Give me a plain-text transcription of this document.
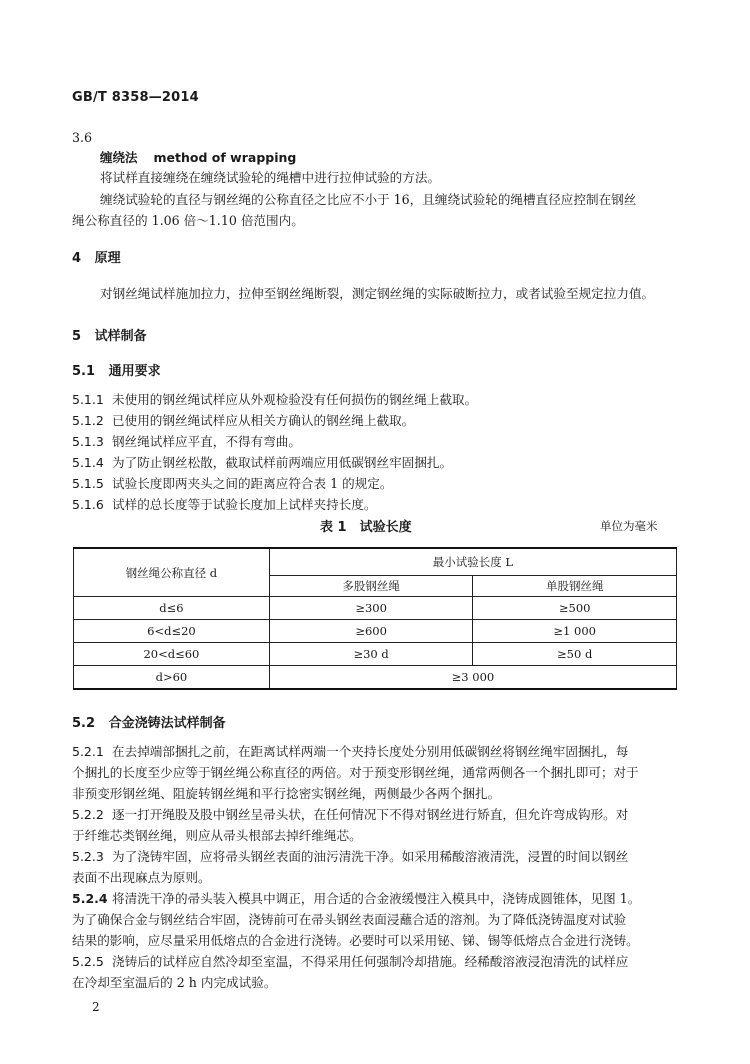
GB/T 8358—2014
3.6
缠绕法 method of wrapping
将试样直接缠绕在缠绕试验轮的绳槽中进行拉伸试验的方法。
缠绕试验轮的直径与钢丝绳的公称直径之比应不小于 16，且缠绕试验轮的绳槽直径应控制在钢丝
绳公称直径的 1.06 倍～1.10 倍范围内。
4 原理
对钢丝绳试样施加拉力，拉伸至钢丝绳断裂，测定钢丝绳的实际破断拉力，或者试验至规定拉力值。
5 试样制备
5.1 通用要求
5.1.1 未使用的钢丝绳试样应从外观检验没有任何损伤的钢丝绳上截取。
5.1.2 已使用的钢丝绳试样应从相关方确认的钢丝绳上截取。
5.1.3 钢丝绳试样应平直，不得有弯曲。
5.1.4 为了防止钢丝松散，截取试样前两端应用低碳钢丝牢固捆扎。
5.1.5 试验长度即两夹头之间的距离应符合表 1 的规定。
5.1.6 试样的总长度等于试验长度加上试样夹持长度。
表 1　试验长度	单位为毫米
钢丝绳公称直径 d	最小试验长度 L	
	多股钢丝绳	单股钢丝绳
d≤6	≥300	≥500
6<d≤20	≥600	≥1 000
20<d≤60	≥30 d	≥50 d
d>60	≥3 000	
5.2 合金浇铸法试样制备
5.2.1 在去掉端部捆扎之前，在距离试样两端一个夹持长度处分别用低碳钢丝将钢丝绳牢固捆扎，每
个捆扎的长度至少应等于钢丝绳公称直径的两倍。对于预变形钢丝绳，通常两侧各一个捆扎即可；对于
非预变形钢丝绳、阻旋转钢丝绳和平行捻密实钢丝绳，两侧最少各两个捆扎。
5.2.2 逐一打开绳股及股中钢丝呈帚头状，在任何情况下不得对钢丝进行矫直，但允许弯成钩形。对
于纤维芯类钢丝绳，则应从帚头根部去掉纤维绳芯。
5.2.3 为了浇铸牢固，应将帚头钢丝表面的油污清洗干净。如采用稀酸溶液清洗，浸置的时间以钢丝
表面不出现麻点为原则。
5.2.4 将清洗干净的帚头装入模具中调正，用合适的合金液缓慢注入模具中，浇铸成圆锥体，见图 1。
为了确保合金与钢丝结合牢固，浇铸前可在帚头钢丝表面浸蘸合适的溶剂。为了降低浇铸温度对试验
结果的影响，应尽量采用低熔点的合金进行浇铸。必要时可以采用铋、锑、锡等低熔点合金进行浇铸。
5.2.5 浇铸后的试样应自然冷却至室温，不得采用任何强制冷却措施。经稀酸溶液浸泡清洗的试样应
在冷却至室温后的 2 h 内完成试验。
2
